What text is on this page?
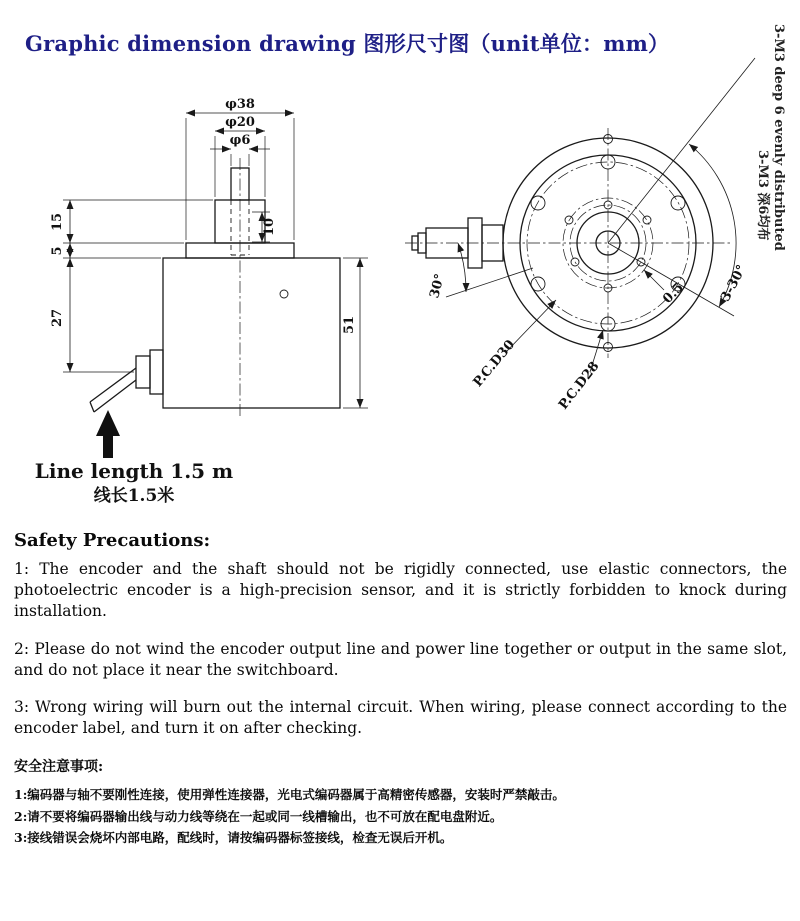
Graphic dimension drawing 图形尺寸图（unit单位：mm）
φ38
φ20
φ6
15
5
27
10
51
Line length 1.5 m
线长1.5米
3-30°
30°
P.C.D30	P.C.D28
0.5
3-M3 deep 6 evenly distributed
3-M3 深6均布
Safety Precautions:

1: The encoder and the shaft should not be rigidly connected, use elastic connectors, the photoelectric encoder is a high-precision sensor, and it is strictly forbidden to knock during installation.

2: Please do not wind the encoder output line and power line together or output in the same slot, and do not place it near the switchboard.

3: Wrong wiring will burn out the internal circuit. When wiring, please connect according to the encoder label, and turn it on after checking.

安全注意事项:

1:编码器与轴不要刚性连接，使用弹性连接器，光电式编码器属于高精密传感器，安装时严禁敲击。

2:请不要将编码器输出线与动力线等绕在一起或同一线槽输出，也不可放在配电盘附近。

3:接线错误会烧坏内部电路，配线时，请按编码器标签接线，检查无误后开机。
